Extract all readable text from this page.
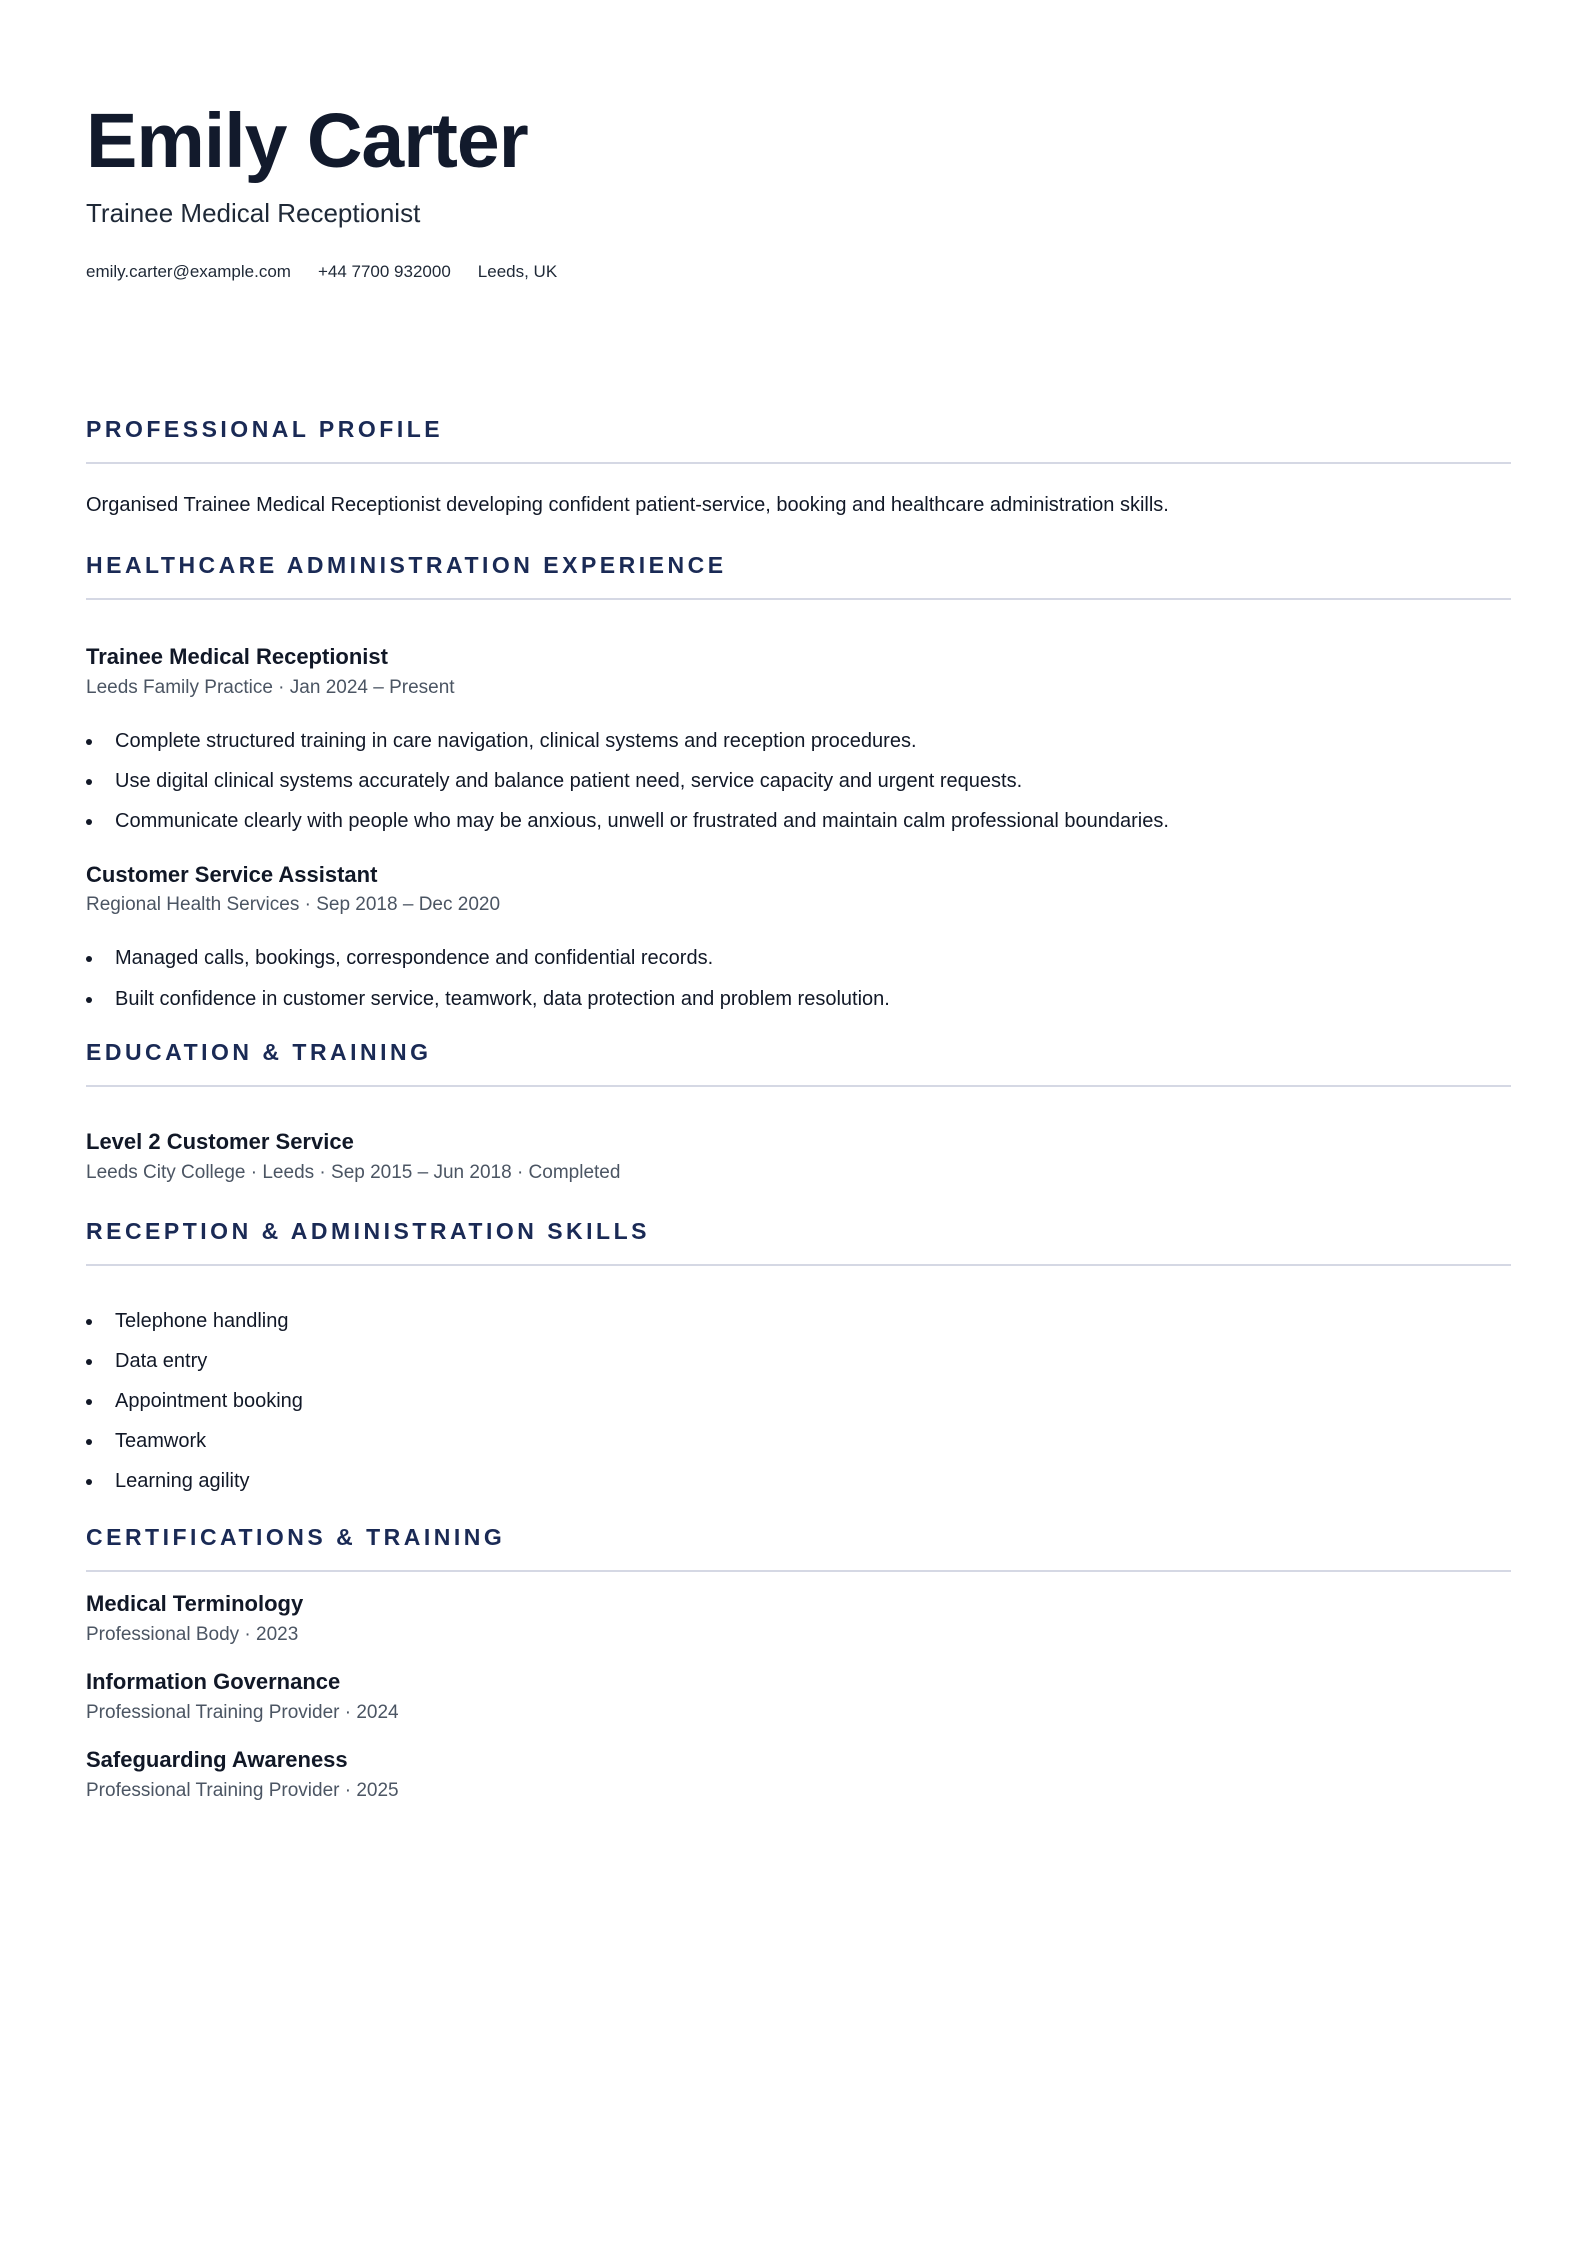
Emily Carter
Trainee Medical Receptionist
emily.carter@example.com +44 7700 932000 Leeds, UK
PROFESSIONAL PROFILE
Organised Trainee Medical Receptionist developing confident patient-service, booking and healthcare administration skills.
HEALTHCARE ADMINISTRATION EXPERIENCE
Trainee Medical Receptionist
Leeds Family Practice · Jan 2024 – Present
Complete structured training in care navigation, clinical systems and reception procedures.
Use digital clinical systems accurately and balance patient need, service capacity and urgent requests.
Communicate clearly with people who may be anxious, unwell or frustrated and maintain calm professional boundaries.
Customer Service Assistant
Regional Health Services · Sep 2018 – Dec 2020
Managed calls, bookings, correspondence and confidential records.
Built confidence in customer service, teamwork, data protection and problem resolution.
EDUCATION & TRAINING
Level 2 Customer Service
Leeds City College · Leeds · Sep 2015 – Jun 2018 · Completed
RECEPTION & ADMINISTRATION SKILLS
Telephone handling
Data entry
Appointment booking
Teamwork
Learning agility
CERTIFICATIONS & TRAINING
Medical Terminology
Professional Body · 2023
Information Governance
Professional Training Provider · 2024
Safeguarding Awareness
Professional Training Provider · 2025
